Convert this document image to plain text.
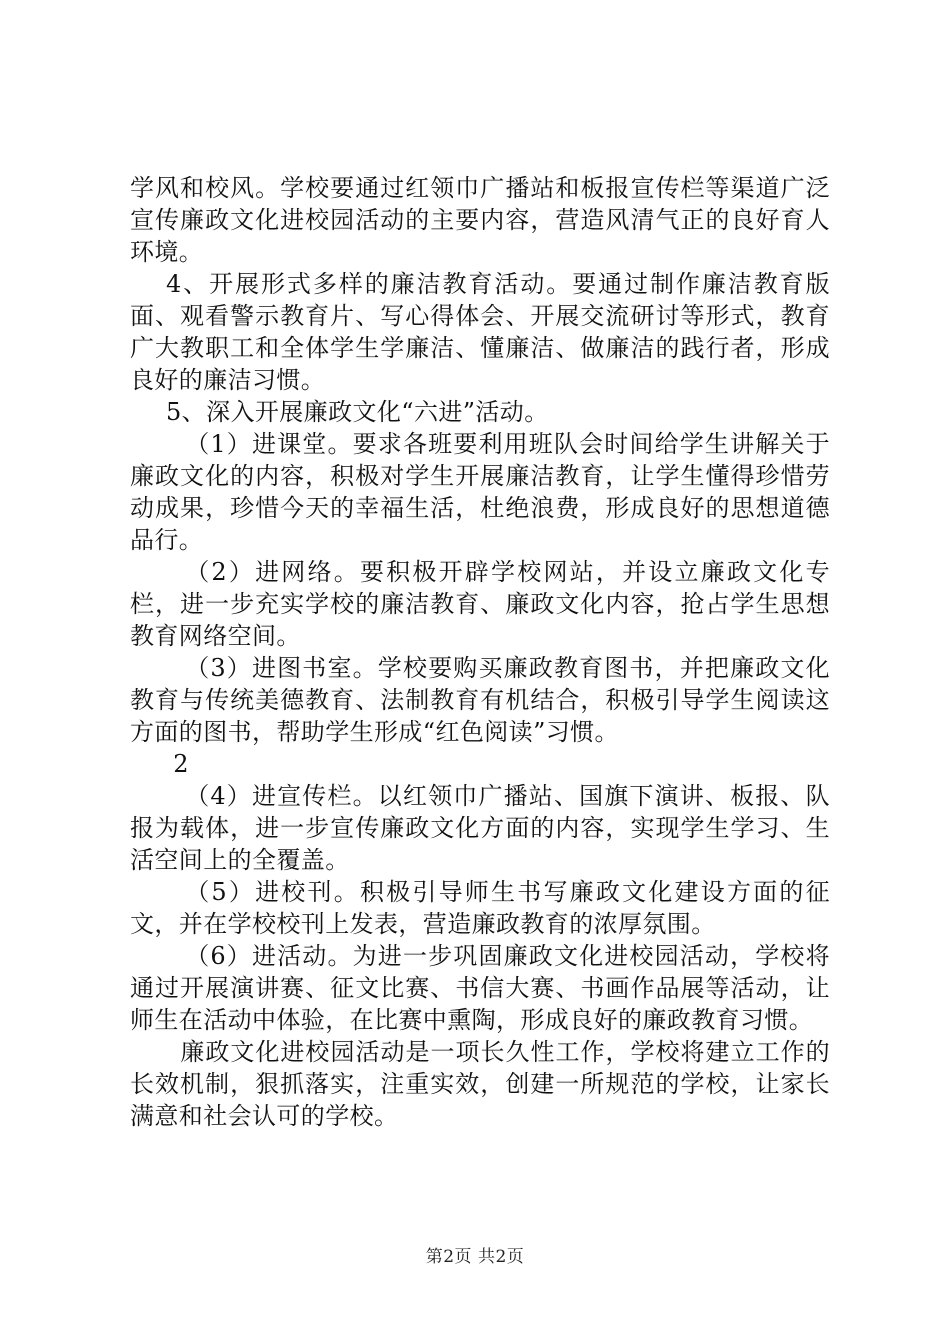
学风和校风。学校要通过红领巾广播站和板报宣传栏等渠道广泛宣传廉政文化进校园活动的主要内容，营造风清气正的良好育人环境。

4、开展形式多样的廉洁教育活动。要通过制作廉洁教育版面、观看警示教育片、写心得体会、开展交流研讨等形式，教育广大教职工和全体学生学廉洁、懂廉洁、做廉洁的践行者，形成良好的廉洁习惯。

5、深入开展廉政文化“六进”活动。

（1）进课堂。要求各班要利用班队会时间给学生讲解关于廉政文化的内容，积极对学生开展廉洁教育，让学生懂得珍惜劳动成果，珍惜今天的幸福生活，杜绝浪费，形成良好的思想道德品行。

（2）进网络。要积极开辟学校网站，并设立廉政文化专栏，进一步充实学校的廉洁教育、廉政文化内容，抢占学生思想教育网络空间。

（3）进图书室。学校要购买廉政教育图书，并把廉政文化教育与传统美德教育、法制教育有机结合，积极引导学生阅读这方面的图书，帮助学生形成“红色阅读”习惯。

2

（4）进宣传栏。以红领巾广播站、国旗下演讲、板报、队报为载体，进一步宣传廉政文化方面的内容，实现学生学习、生活空间上的全覆盖。

（5）进校刊。积极引导师生书写廉政文化建设方面的征文，并在学校校刊上发表，营造廉政教育的浓厚氛围。

（6）进活动。为进一步巩固廉政文化进校园活动，学校将通过开展演讲赛、征文比赛、书信大赛、书画作品展等活动，让师生在活动中体验，在比赛中熏陶，形成良好的廉政教育习惯。

廉政文化进校园活动是一项长久性工作，学校将建立工作的长效机制，狠抓落实，注重实效，创建一所规范的学校，让家长满意和社会认可的学校。

第2页 共2页
